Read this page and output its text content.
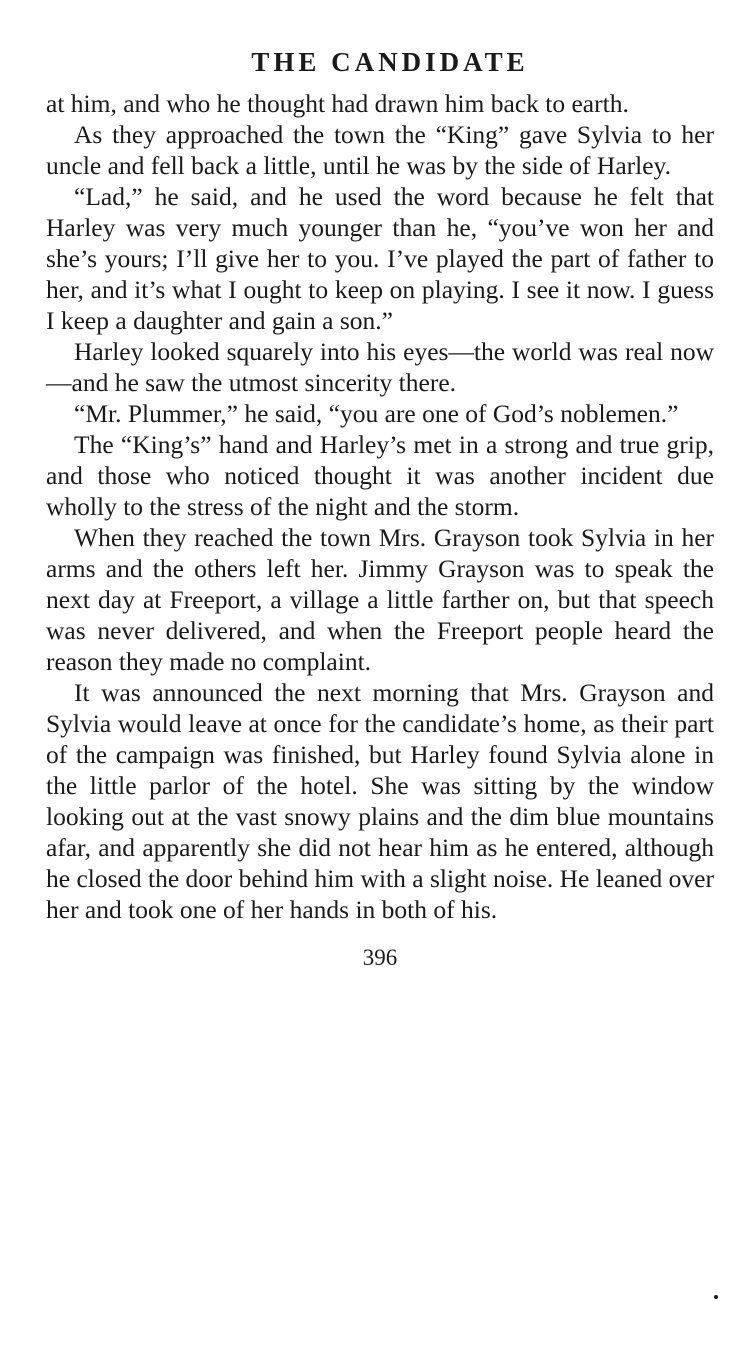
THE CANDIDATE

at him, and who he thought had drawn him back to earth.

As they approached the town the “King” gave Sylvia to her uncle and fell back a little, until he was by the side of Harley.

“Lad,” he said, and he used the word because he felt that Harley was very much younger than he, “you’ve won her and she’s yours; I’ll give her to you. I’ve played the part of father to her, and it’s what I ought to keep on playing. I see it now. I guess I keep a daughter and gain a son.”

Harley looked squarely into his eyes—the world was real now—and he saw the utmost sincerity there.

“Mr. Plummer,” he said, “you are one of God’s noblemen.”

The “King’s” hand and Harley’s met in a strong and true grip, and those who noticed thought it was another incident due wholly to the stress of the night and the storm.

When they reached the town Mrs. Grayson took Sylvia in her arms and the others left her. Jimmy Grayson was to speak the next day at Freeport, a village a little farther on, but that speech was never delivered, and when the Freeport people heard the reason they made no complaint.

It was announced the next morning that Mrs. Grayson and Sylvia would leave at once for the candidate’s home, as their part of the campaign was finished, but Harley found Sylvia alone in the little parlor of the hotel. She was sitting by the window looking out at the vast snowy plains and the dim blue mountains afar, and apparently she did not hear him as he entered, although he closed the door behind him with a slight noise. He leaned over her and took one of her hands in both of his.

396
